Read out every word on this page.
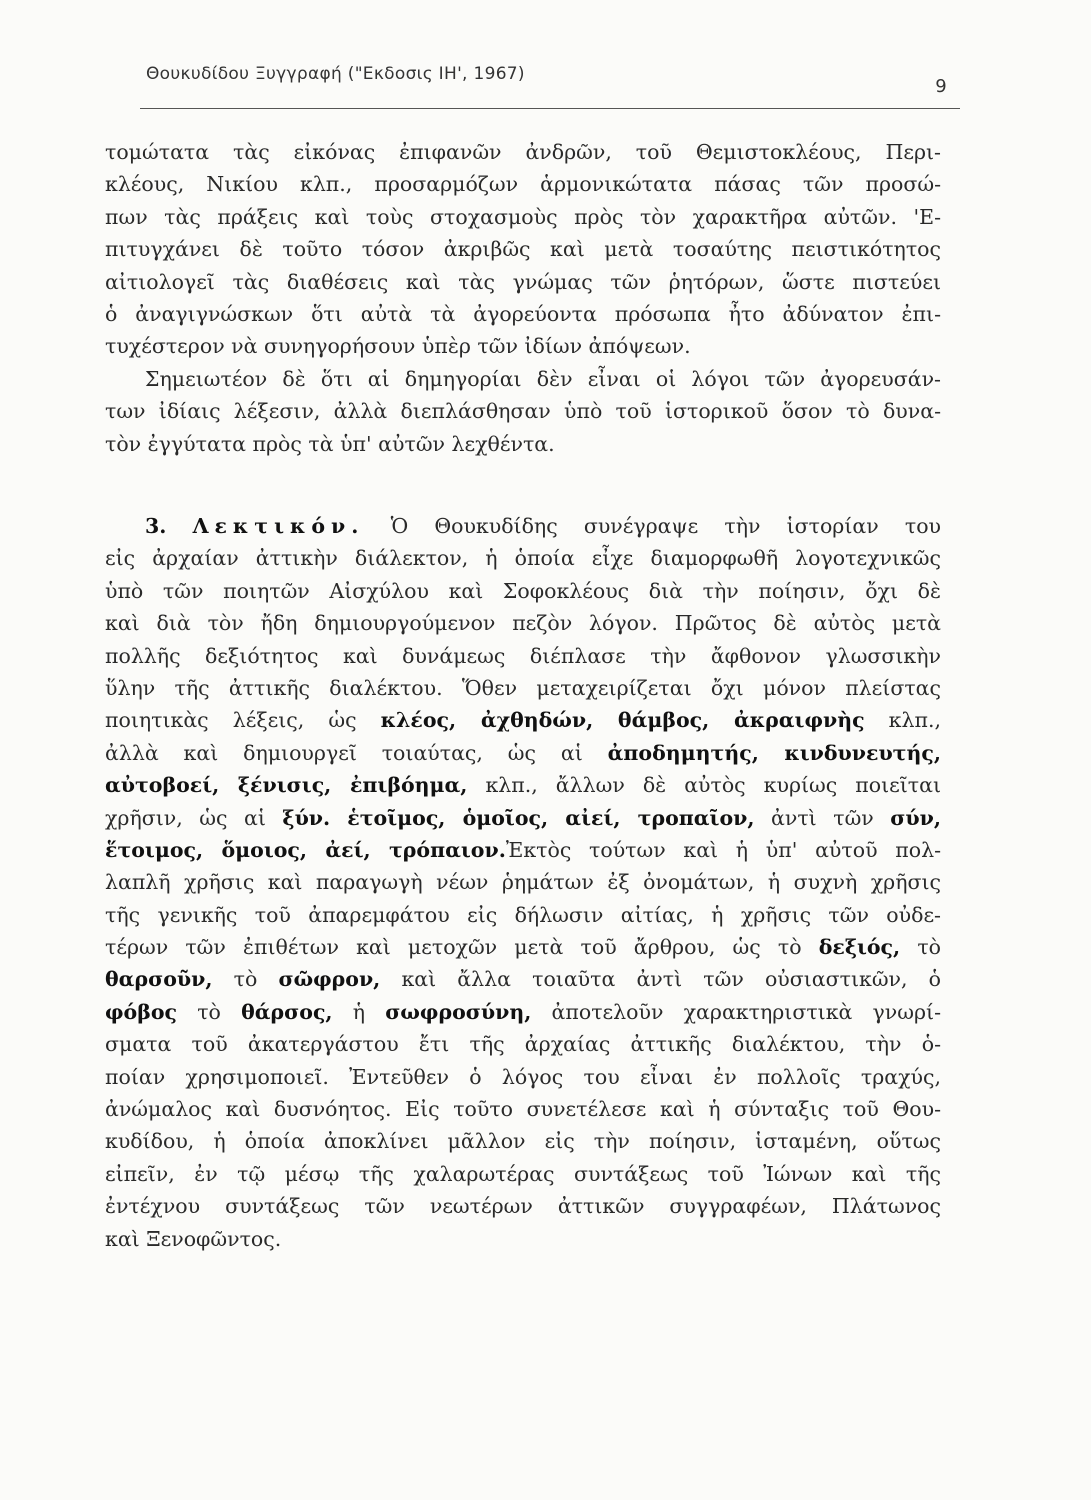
Θουκυδίδου Ξυγγραφή ("Εκδοσις ΙΗ', 1967)
9
τομώτατα τὰς εἰκόνας ἐπιφανῶν ἀνδρῶν, τοῦ Θεμιστοκλέους, Περι-
κλέους, Νικίου κλπ., προσαρμόζων ἁρμονικώτατα πάσας τῶν προσώ-
πων τὰς πράξεις καὶ τοὺς στοχασμοὺς πρὸς τὸν χαρακτῆρα αὐτῶν. 'Ε-
πιτυγχάνει δὲ τοῦτο τόσον ἀκριβῶς καὶ μετὰ τοσαύτης πειστικότητος
αἰτιολογεῖ τὰς διαθέσεις καὶ τὰς γνώμας τῶν ῥητόρων, ὥστε πιστεύει
ὁ ἀναγιγνώσκων ὅτι αὐτὰ τὰ ἀγορεύοντα πρόσωπα ἦτο ἀδύνατον ἐπι-
τυχέστερον νὰ συνηγορήσουν ὑπὲρ τῶν ἰδίων ἀπόψεων.
Σημειωτέον δὲ ὅτι αἱ δημηγορίαι δὲν εἶναι οἱ λόγοι τῶν ἀγορευσάν-
των ἰδίαις λέξεσιν, ἀλλὰ διεπλάσθησαν ὑπὸ τοῦ ἱστορικοῦ ὅσον τὸ δυνα-
τὸν ἐγγύτατα πρὸς τὰ ὑπ' αὐτῶν λεχθέντα.
3. Λεκτικόν. Ὁ Θουκυδίδης συνέγραψε τὴν ἱστορίαν του
εἰς ἀρχαίαν ἀττικὴν διάλεκτον, ἡ ὁποία εἶχε διαμορφωθῆ λογοτεχνικῶς
ὑπὸ τῶν ποιητῶν Αἰσχύλου καὶ Σοφοκλέους διὰ τὴν ποίησιν, ὄχι δὲ
καὶ διὰ τὸν ἤδη δημιουργούμενον πεζὸν λόγον. Πρῶτος δὲ αὐτὸς μετὰ
πολλῆς δεξιότητος καὶ δυνάμεως διέπλασε τὴν ἄφθονον γλωσσικὴν
ὕλην τῆς ἀττικῆς διαλέκτου. Ὅθεν μεταχειρίζεται ὄχι μόνον πλείστας
ποιητικὰς λέξεις, ὡς κλέος, ἀχθηδών, θάμβος, ἀκραιφνὴς κλπ.,
ἀλλὰ καὶ δημιουργεῖ τοιαύτας, ὡς αἱ ἀποδημητής, κινδυνευτής,
αὐτοβοεί, ξένισις, ἐπιβόημα, κλπ., ἄλλων δὲ αὐτὸς κυρίως ποιεῖται
χρῆσιν, ὡς αἱ ξύν. ἑτοῖμος, ὁμοῖος, αἰεί, τροπαῖον, ἀντὶ τῶν σύν,
ἕτοιμος, ὅμοιος, ἀεί, τρόπαιον.Ἐκτὸς τούτων καὶ ἡ ὑπ' αὐτοῦ πολ-
λαπλῆ χρῆσις καὶ παραγωγὴ νέων ῥημάτων ἐξ ὀνομάτων, ἡ συχνὴ χρῆσις
τῆς γενικῆς τοῦ ἀπαρεμφάτου εἰς δήλωσιν αἰτίας, ἡ χρῆσις τῶν οὐδε-
τέρων τῶν ἐπιθέτων καὶ μετοχῶν μετὰ τοῦ ἄρθρου, ὡς τὸ δεξιός, τὸ
θαρσοῦν, τὸ σῶφρον, καὶ ἄλλα τοιαῦτα ἀντὶ τῶν οὐσιαστικῶν, ὁ
φόβος τὸ θάρσος, ἡ σωφροσύνη, ἀποτελοῦν χαρακτηριστικὰ γνωρί-
σματα τοῦ ἀκατεργάστου ἔτι τῆς ἀρχαίας ἀττικῆς διαλέκτου, τὴν ὁ-
ποίαν χρησιμοποιεῖ. Ἐντεῦθεν ὁ λόγος του εἶναι ἐν πολλοῖς τραχύς,
ἀνώμαλος καὶ δυσνόητος. Εἰς τοῦτο συνετέλεσε καὶ ἡ σύνταξις τοῦ Θου-
κυδίδου, ἡ ὁποία ἀποκλίνει μᾶλλον εἰς τὴν ποίησιν, ἱσταμένη, οὕτως
εἰπεῖν, ἐν τῷ μέσῳ τῆς χαλαρωτέρας συντάξεως τοῦ Ἰώνων καὶ τῆς
ἐντέχνου συντάξεως τῶν νεωτέρων ἀττικῶν συγγραφέων, Πλάτωνος
καὶ Ξενοφῶντος.
